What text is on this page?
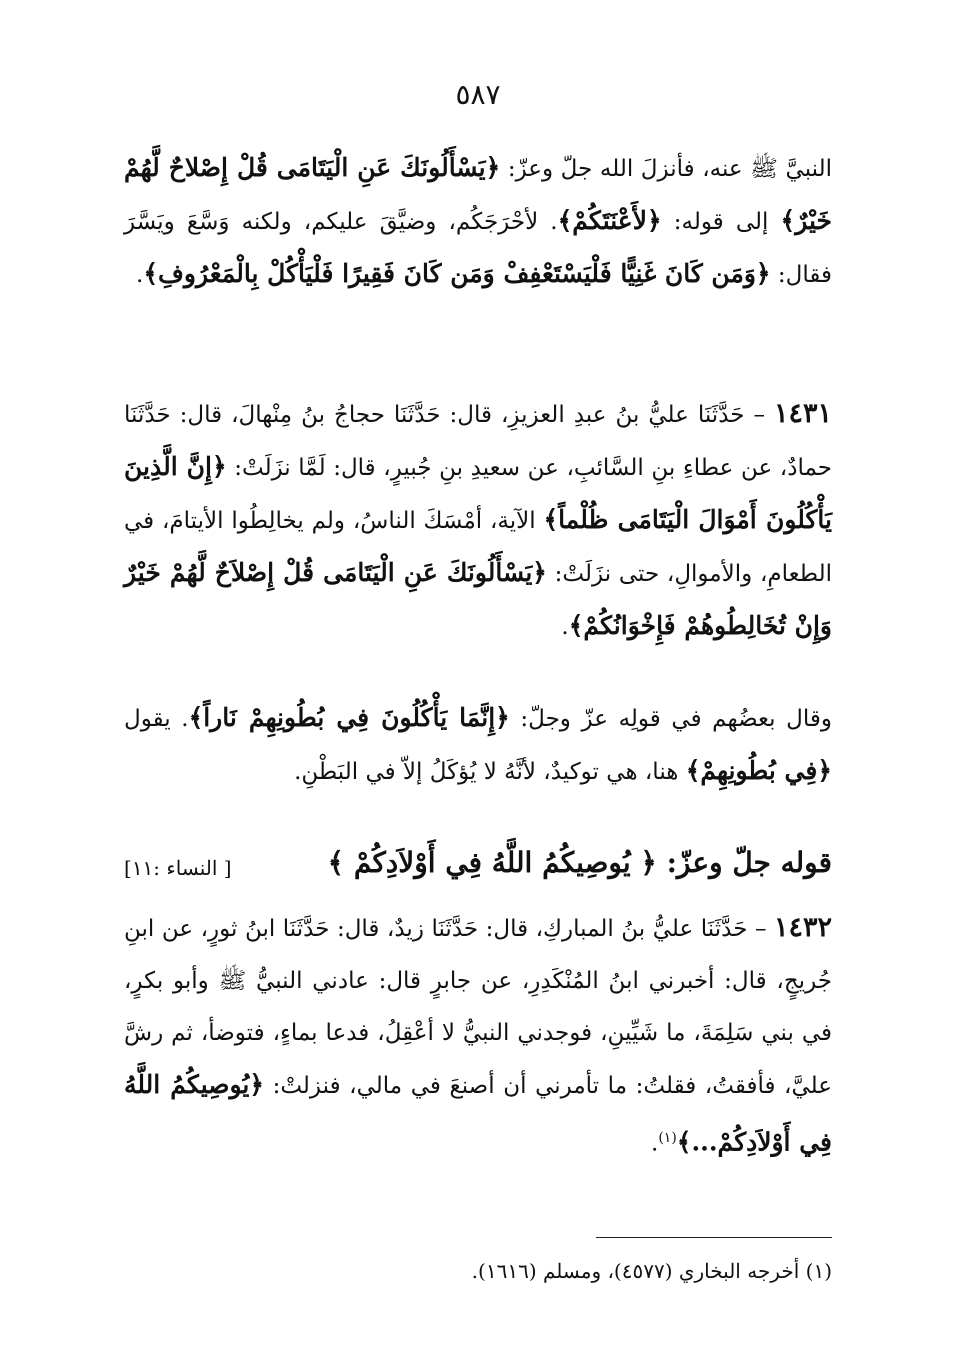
٥٨٧

النبيَّ ﷺ عنه، فأنزلَ الله جلّ وعزّ: ﴿يَسْأَلُونَكَ عَنِ الْيَتَامَى قُلْ إِصْلاحٌ لَّهُمْ خَيْرٌ﴾ إلى قوله: ﴿لأَعْنَتَكُمْ﴾. لأحْرَجَكُم، وضيَّقَ عليكم، ولكنه وَسَّعَ ويَسَّرَ فقال: ﴿وَمَن كَانَ غَنِيًّا فَلْيَسْتَعْفِفْ وَمَن كَانَ فَقِيرًا فَلْيَأْكُلْ بِالْمَعْرُوفِ﴾.

١٤٣١ – حَدَّثَنَا عليُّ بنُ عبدِ العزيزِ، قال: حَدَّثَنَا حجاجُ بنُ مِنْهالَ، قال: حَدَّثَنَا حمادٌ، عن عطاءِ بنِ السَّائبِ، عن سعيدِ بنِ جُبيرٍ، قال: لَمَّا نزَلَتْ: ﴿إِنَّ الَّذِينَ يَأْكُلُونَ أَمْوَالَ الْيَتَامَى ظُلْماً﴾ الآية، أمْسَكَ الناسُ، ولم يخالِطُوا الأيتامَ، في الطعامِ، والأموالِ، حتى نزَلَتْ: ﴿يَسْأَلُونَكَ عَنِ الْيَتَامَى قُلْ إِصْلاَحٌ لَّهُمْ خَيْرٌ وَإِنْ تُخَالِطُوهُمْ فَإِخْوَانُكُمْ﴾.

وقال بعضُهم في قولِه عزّ وجلّ: ﴿إِنَّمَا يَأْكُلُونَ فِي بُطُونِهِمْ نَاراً﴾. يقول ﴿فِي بُطُونِهِمْ﴾ هنا، هي توكيدٌ، لأنَّهُ لا يُؤكَلُ إلاّ في البَطْنِ.

قوله جلّ وعزّ: ﴿ يُوصِيكُمُ اللَّهُ فِي أَوْلاَدِكُمْ ﴾
[ النساء :١١]

١٤٣٢ – حَدَّثَنَا عليُّ بنُ المباركِ، قال: حَدَّثَنَا زيدٌ، قال: حَدَّثَنَا ابنُ ثورٍ، عن ابنِ جُريجٍ، قال: أخبرني ابنُ المُنْكَدِرِ، عن جابرٍ قال: عادني النبيُّ ﷺ وأبو بكرٍ، في بني سَلِمَةَ، ما شَيِّينِ، فوجدني النبيُّ لا أعْقِلُ، فدعا بماءٍ، فتوضأ، ثم رشَّ عليَّ، فأفقتُ، فقلتُ: ما تأمرني أن أصنعَ في مالي، فنزلتْ: ﴿يُوصِيكُمُ اللَّهُ فِي أَوْلاَدِكُمْ...﴾$^{(١)}$.

(١) أخرجه البخاري (٤٥٧٧)، ومسلم (١٦١٦).
